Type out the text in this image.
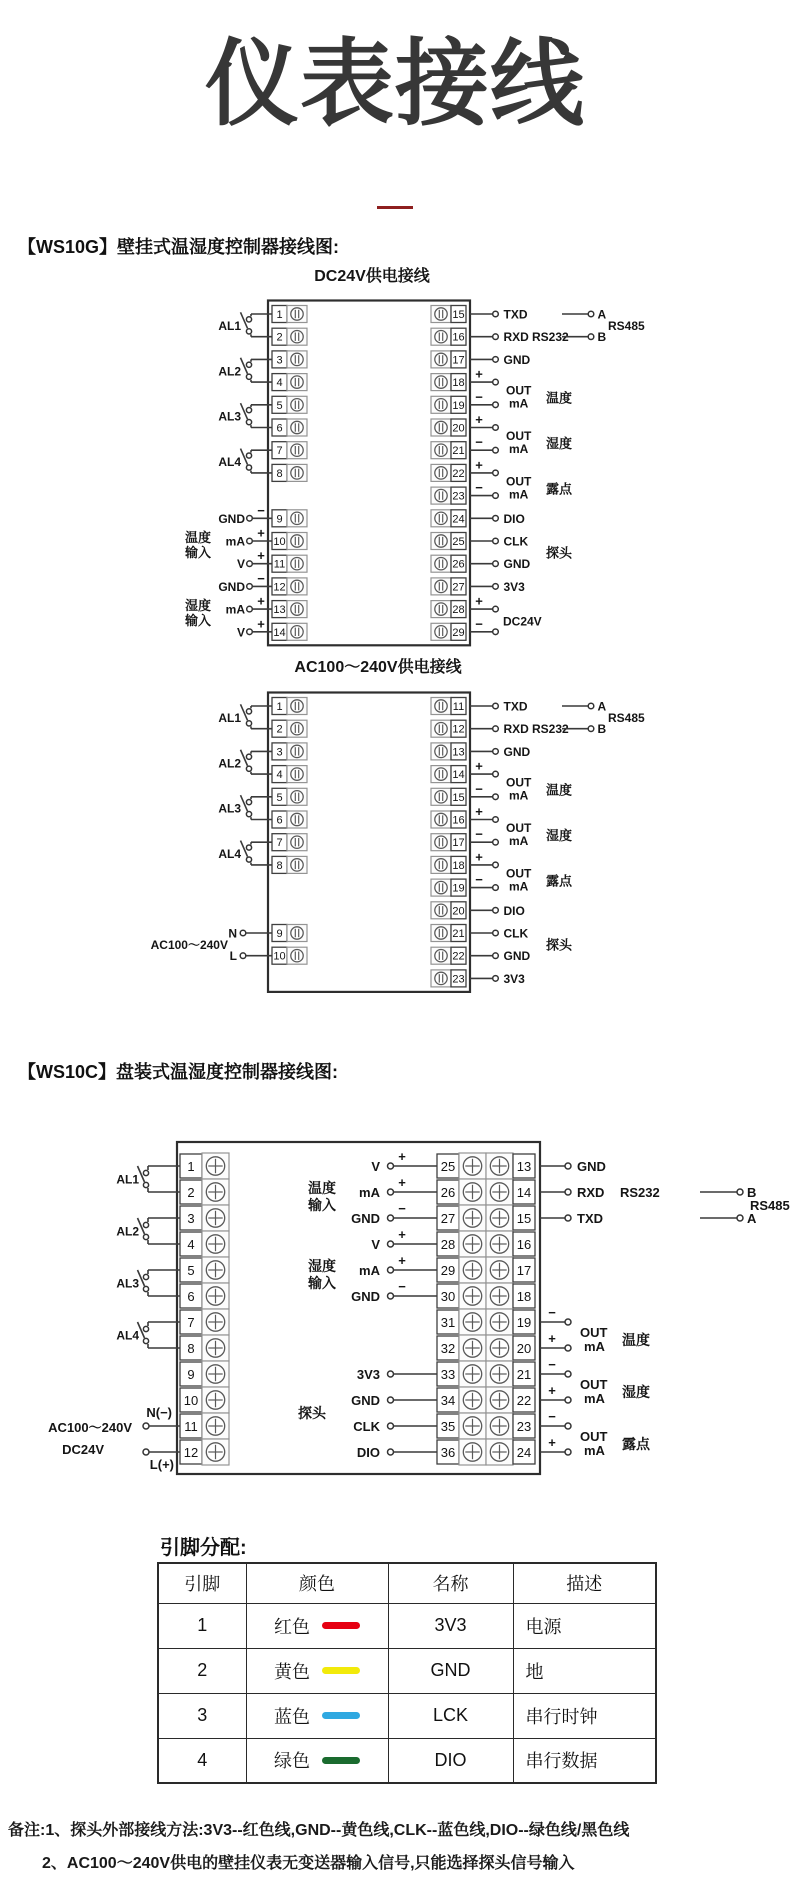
仪表接线
【WS10G】壁挂式温湿度控制器接线图:
DC24V供电接线
1
2
3
4
5
6
7
8
9
GND
−
10
mA
+
11
V
+
12
GND
−
13
mA
+
14
V
+
AL1
AL2
AL3
AL4
温度
输入
湿度
输入
15	TXD
16	RXD
17	GND
18
+
19
−
20
+
21
−
22
+
23
−
24	DIO
25	CLK
26	GND
27	3V3
28
+
29
−
OUT
mA 温度
OUT
mA 湿度
OUT
mA 露点
RS232
A
B
RS485
探头
DC24V
AC100～240V供电接线
1
2
3
4
5
6
7
8
9
10
AL1
AL2
AL3
AL4
N
L
AC100～240V
11	TXD
12	RXD
13	GND
14
+
15
−
16
+
17
−
18
+
19
−
20	DIO
21	CLK
22	GND
23	3V3
OUT
mA 温度
OUT
mA 湿度
OUT
mA 露点
RS232
A
B
RS485
探头
【WS10C】盘装式温湿度控制器接线图:
1
2
3
4
5
6
7
8
9
10
11
12
AL1
AL2
AL3
AL4
N(−)
L(+)
AC100～240V
DC24V
25
V
+
26
mA
+
27
GND
−
28
V
+
29
mA
+
30
GND
−
31
32
33
3V3
34
GND
35
CLK
36
DIO
温度
输入
湿度
输入
探头
13	GND
14	RXD
15	TXD
16
17
18
19
−
20
+
21
−
22
+
23
−
24
+
OUT
mA 温度
OUT
mA 湿度
OUT
mA 露点
RS232	B
A
RS485
引脚分配:
引脚	颜色	名称	描述
1	红色	3V3	电源
2	黄色	GND	地
3	蓝色	LCK	串行时钟
4	绿色	DIO	串行数据
备注:1、探头外部接线方法:3V3--红色线,GND--黄色线,CLK--蓝色线,DIO--绿色线/黑色线
2、AC100～240V供电的壁挂仪表无变送器输入信号,只能选择探头信号输入
